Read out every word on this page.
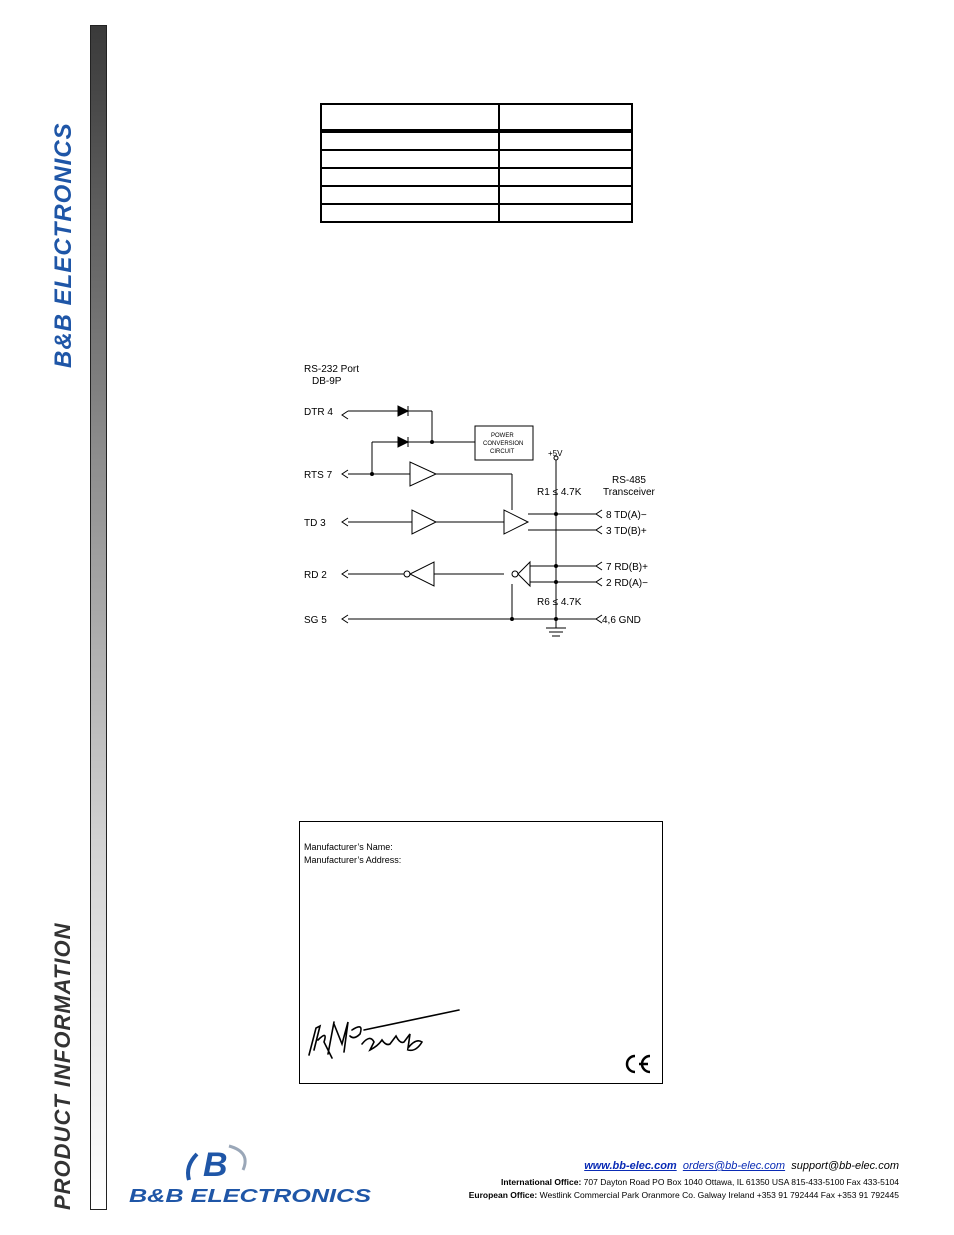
B&B ELECTRONICS
PRODUCT INFORMATION

RS-232 Port
DB-9P
DTR 4
RTS 7
TD 3
RD 2
SG 5
POWER
CONVERSION
CIRCUIT	+5V
R1 ≤ 4.7K
R6 ≤ 4.7K
RS-485
Transceiver
8 TD(A)−
3 TD(B)+
7 RD(B)+
2 RD(A)−
4,6 GND
Manufacturer’s Name:
Manufacturer’s Address:
B
B&B ELECTRONICS
www.bb-elec.com orders@bb-elec.com support@bb-elec.com
International Office: 707 Dayton Road PO Box 1040 Ottawa, IL 61350 USA 815-433-5100 Fax 433-5104
European Office: Westlink Commercial Park Oranmore Co. Galway Ireland +353 91 792444 Fax +353 91 792445
